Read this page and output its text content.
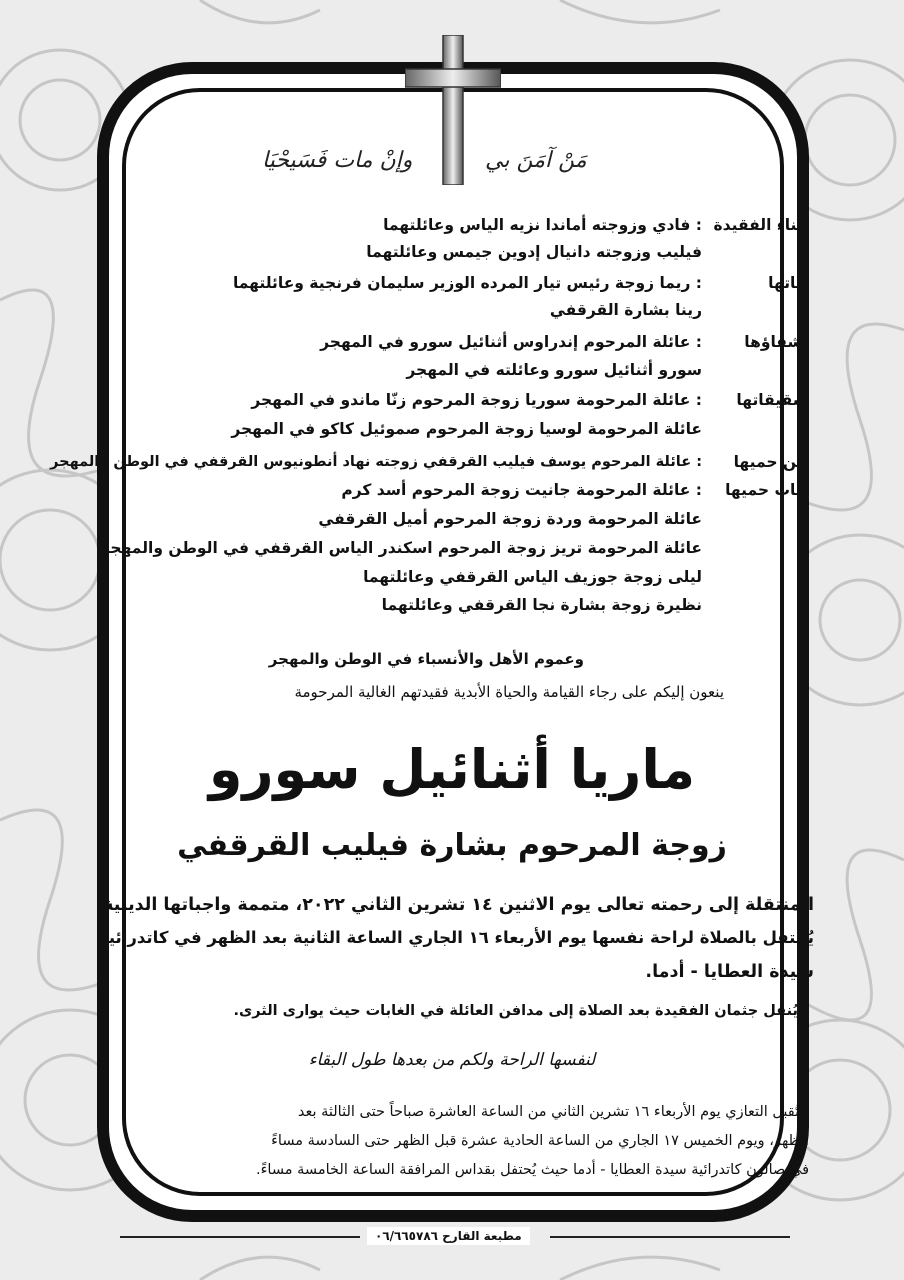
مَنْ آمَنَ بي
وإنْ مات فَسَيحْيَا
أبناء الفقيدة
: فادي وزوجته أماندا نزيه الياس وعائلتهما
فيليب وزوجته دانيال إدوين جيمس وعائلتهما
بناتها
: ريما زوجة رئيس تيار المرده الوزير سليمان فرنجية وعائلتهما
رينا بشارة القرقفي
أشقاؤها
: عائلة المرحوم إندراوس أثنائيل سورو في المهجر
سورو أثنائيل سورو وعائلته في المهجر
شقيقاتها
: عائلة المرحومة سوريا زوجة المرحوم زنّا ماندو في المهجر
عائلة المرحومة لوسيا زوجة المرحوم صموئيل كاكو في المهجر
إبن حميها
: عائلة المرحوم يوسف فيليب القرقفي زوجته نهاد أنطونيوس القرقفي في الوطن والمهجر
بنات حميها
: عائلة المرحومة جانيت زوجة المرحوم أسد كرم
عائلة المرحومة وردة زوجة المرحوم أميل القرقفي
عائلة المرحومة تريز زوجة المرحوم اسكندر الياس القرقفي في الوطن والمهجر
ليلى زوجة جوزيف الياس القرقفي وعائلتهما
نظيرة زوجة بشارة نجا القرقفي وعائلتهما
وعموم الأهل والأنسباء في الوطن والمهجر
ينعون إليكم على رجاء القيامة والحياة الأبدية فقيدتهم الغالية المرحومة
ماريا أثنائيل سورو
زوجة المرحوم بشارة فيليب القرقفي
المنتقلة إلى رحمته تعالى يوم الاثنين ١٤ تشرين الثاني ٢٠٢٢، متممة واجباتها الدينية،
يُحتفل بالصلاة لراحة نفسها يوم الأربعاء ١٦ الجاري الساعة الثانية بعد الظهر في كاتدرائية
سيدة العطايا - أدما.
- يُنقل جثمان الفقيدة بعد الصلاة إلى مدافن العائلة في الغابات حيث يوارى الثرى.
لنفسها الراحة ولكم من بعدها طول البقاء
- تُقبل التعازي يوم الأربعاء ١٦ تشرين الثاني من الساعة العاشرة صباحاً حتى الثالثة بعد
الظهر، ويوم الخميس ١٧ الجاري من الساعة الحادية عشرة قبل الظهر حتى السادسة مساءً
في صالون كاتدرائية سيدة العطايا - أدما حيث يُحتفل بقداس المرافقة الساعة الخامسة مساءً.
مطبعة القارح ٠٦/٦٦٥٧٨٦
